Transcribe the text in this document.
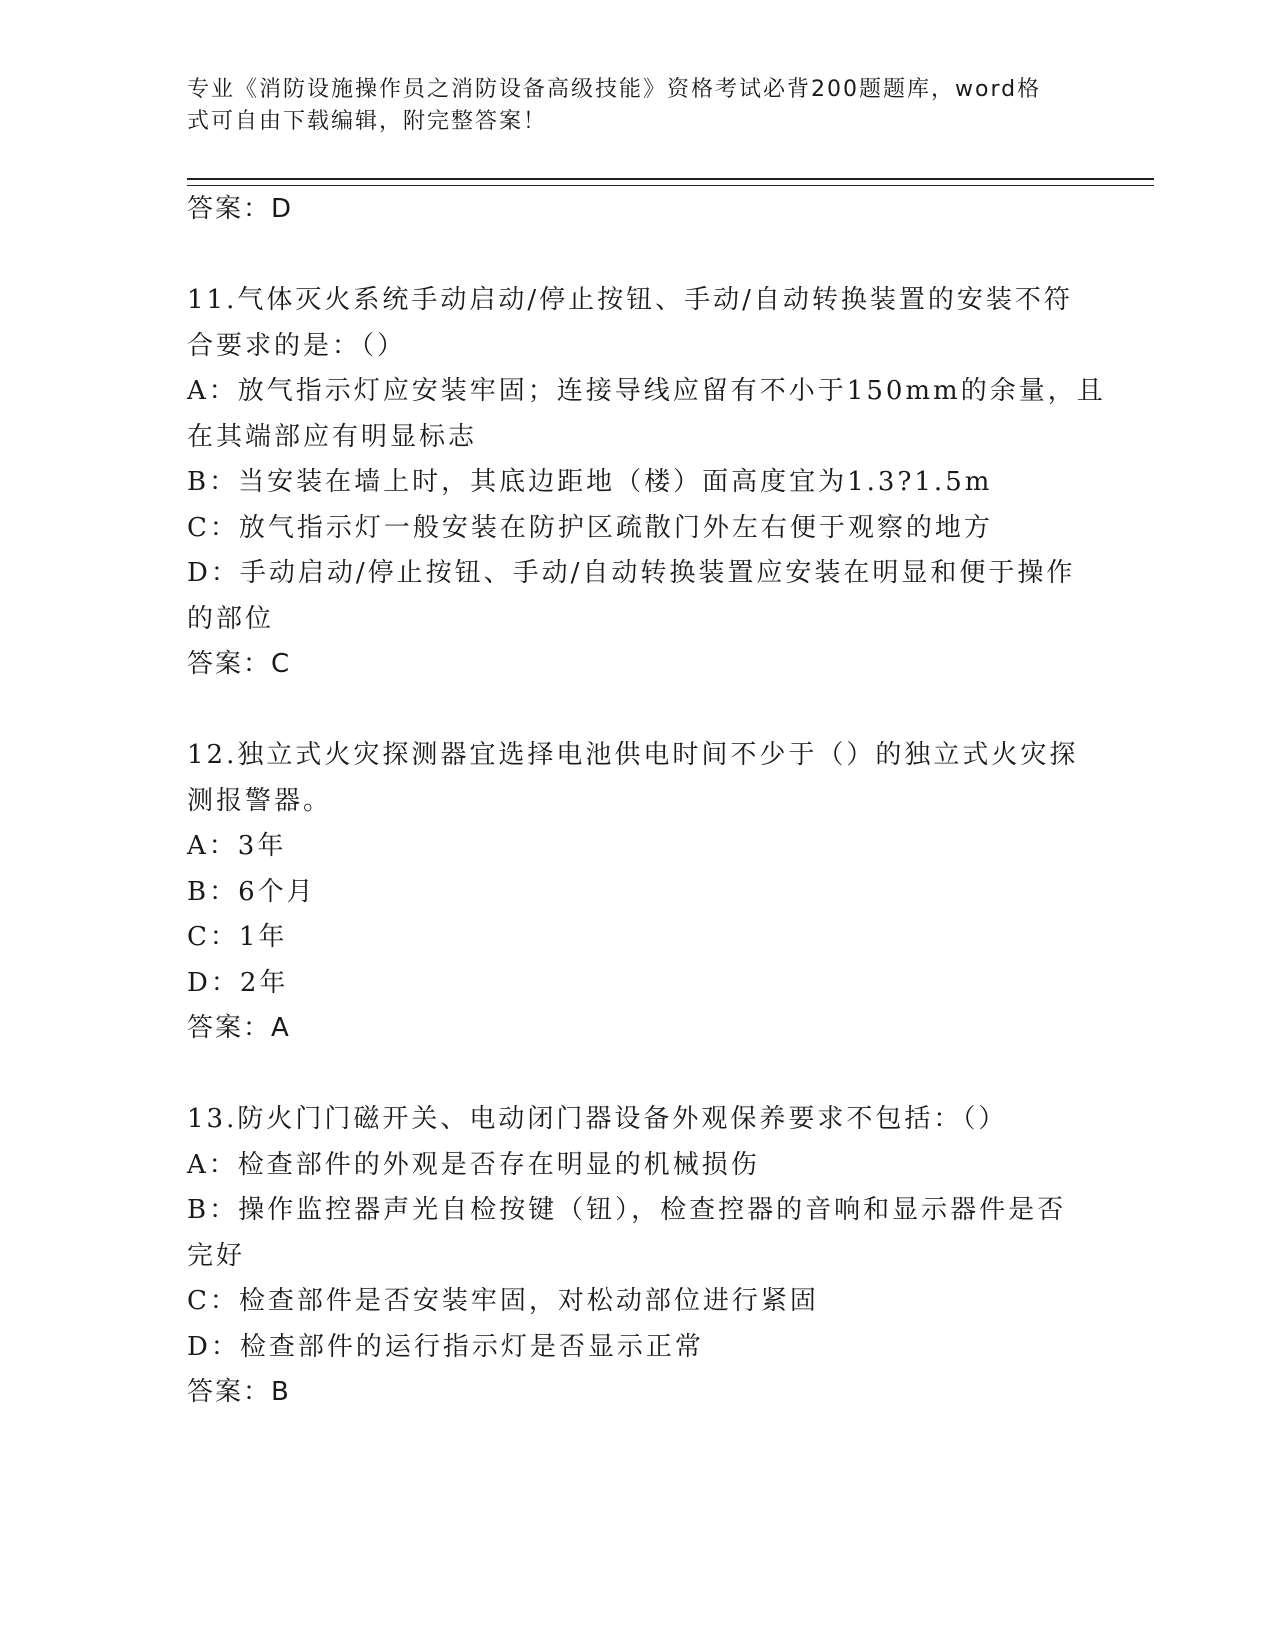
专业《消防设施操作员之消防设备高级技能》资格考试必背200题题库，word格
式可自由下载编辑，附完整答案！
答案：D
11.气体灭火系统手动启动/停止按钮、手动/自动转换装置的安装不符
合要求的是：（）
A：放气指示灯应安装牢固；连接导线应留有不小于150mm的余量，且
在其端部应有明显标志
B：当安装在墙上时，其底边距地（楼）面高度宜为1.3?1.5m
C：放气指示灯一般安装在防护区疏散门外左右便于观察的地方
D：手动启动/停止按钮、手动/自动转换装置应安装在明显和便于操作
的部位
答案：C
12.独立式火灾探测器宜选择电池供电时间不少于（）的独立式火灾探
测报警器。
A：3年
B：6个月
C：1年
D：2年
答案：A
13.防火门门磁开关、电动闭门器设备外观保养要求不包括：（）
A：检查部件的外观是否存在明显的机械损伤
B：操作监控器声光自检按键（钮），检查控器的音响和显示器件是否
完好
C：检查部件是否安装牢固，对松动部位进行紧固
D：检查部件的运行指示灯是否显示正常
答案：B
